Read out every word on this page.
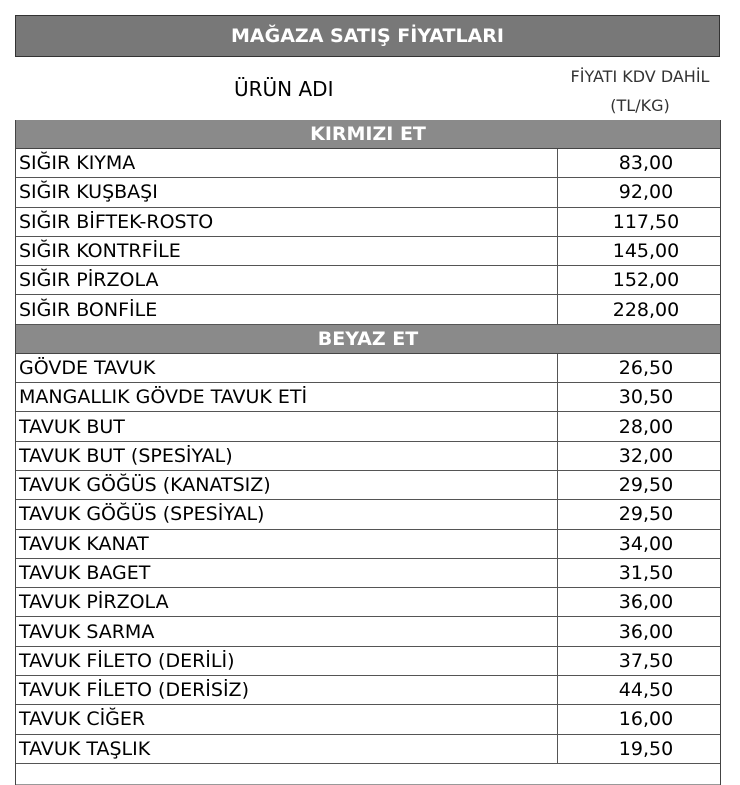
MAĞAZA SATIŞ FİYATLARI
ÜRÜN ADI
FİYATI KDV DAHİL
(TL/KG)
KIRMIZI ET
SIĞIR KIYMA	83,00
SIĞIR KUŞBAŞI	92,00
SIĞIR BİFTEK-ROSTO	117,50
SIĞIR KONTRFİLE	145,00
SIĞIR PİRZOLA	152,00
SIĞIR BONFİLE	228,00
BEYAZ ET
GÖVDE TAVUK	26,50
MANGALLIK GÖVDE TAVUK ETİ	30,50
TAVUK BUT	28,00
TAVUK BUT (SPESİYAL)	32,00
TAVUK GÖĞÜS (KANATSIZ)	29,50
TAVUK GÖĞÜS (SPESİYAL)	29,50
TAVUK KANAT	34,00
TAVUK BAGET	31,50
TAVUK PİRZOLA	36,00
TAVUK SARMA	36,00
TAVUK FİLETO (DERİLİ)	37,50
TAVUK FİLETO (DERİSİZ)	44,50
TAVUK CİĞER	16,00
TAVUK TAŞLIK	19,50
